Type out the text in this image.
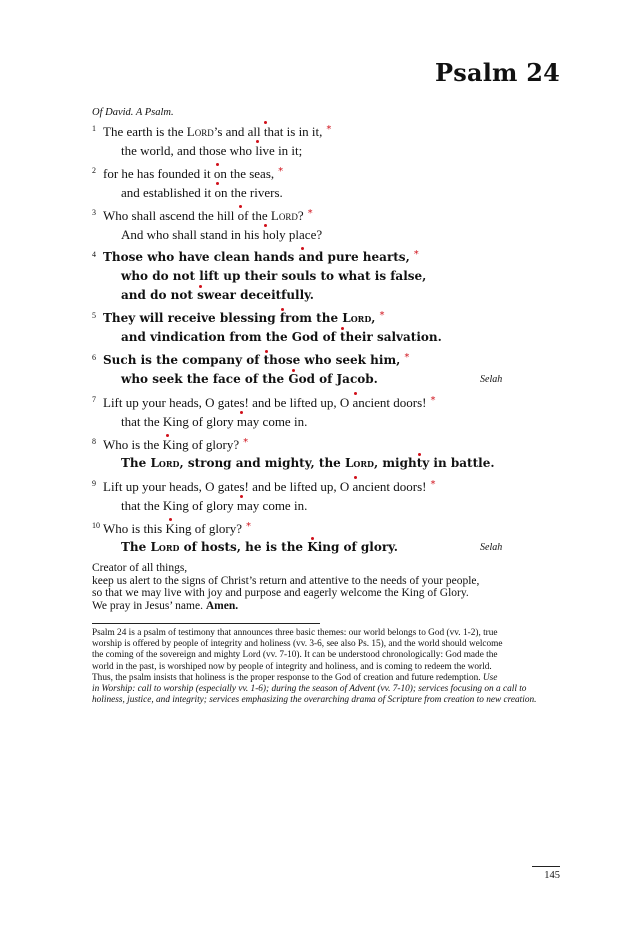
Psalm 24
Of David. A Psalm.
1 The earth is the Lord’s and all that is in it, *
the world, and those who live in it;
2 for he has founded it on the seas, *
and established it on the rivers.
3 Who shall ascend the hill of the Lord? *
And who shall stand in his holy place?
4 Those who have clean hands and pure hearts, *
who do not lift up their souls to what is false,
and do not swear deceitfully.
5 They will receive blessing from the Lord, *
and vindication from the God of their salvation.
6 Such is the company of those who seek him, *
who seek the face of the God of Jacob.	Selah
7 Lift up your heads, O gates! and be lifted up, O ancient doors! *
that the King of glory may come in.
8 Who is the King of glory? *
The Lord, strong and mighty, the Lord, mighty in battle.
9 Lift up your heads, O gates! and be lifted up, O ancient doors! *
that the King of glory may come in.
10 Who is this King of glory? *
The Lord of hosts, he is the King of glory.	Selah
Creator of all things,
keep us alert to the signs of Christ’s return and attentive to the needs of your people,
so that we may live with joy and purpose and eagerly welcome the King of Glory.
We pray in Jesus’ name. Amen.
Psalm 24 is a psalm of testimony that announces three basic themes: our world belongs to God (vv. 1-2), true
worship is offered by people of integrity and holiness (vv. 3-6, see also Ps. 15), and the world should welcome
the coming of the sovereign and mighty Lord (vv. 7-10). It can be understood chronologically: God made the
world in the past, is worshiped now by people of integrity and holiness, and is coming to redeem the world.
Thus, the psalm insists that holiness is the proper response to the God of creation and future redemption. Use
in Worship: call to worship (especially vv. 1-6); during the season of Advent (vv. 7-10); services focusing on a call to
holiness, justice, and integrity; services emphasizing the overarching drama of Scripture from creation to new creation.
145
